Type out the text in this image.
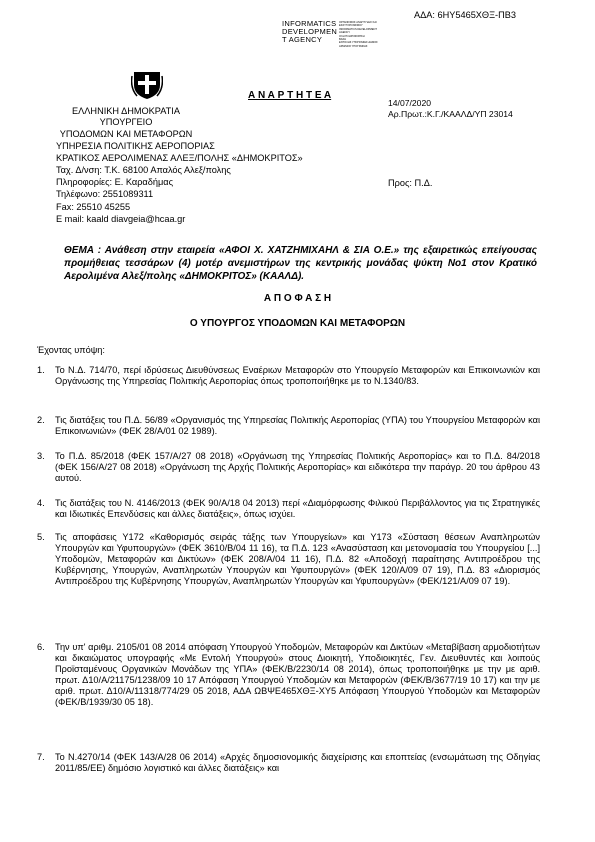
ΑΔΑ: 6ΗΥ5465ΧΘΞ-ΠΒ3
INFORMATICS
DEVELOPMEN
T AGENCY
ΟΡΓΑΝΙΣΜΟΣ ΑΝΑΠΤΥΞΗΣ ΚΑΙ
ΕΚΣΥΓΧΡΟΝΙΣΜΟΥ
INFORMATICS DEVELOPMENT AGENCY
ΟΛΗ ΠΛΗΡΟΦΟΡΙΚΗ
ΒΑΣΗ
ΕΝΤΟΛΗΣ ΥΠΟΓΡΑΦΗΣ ΔΗΜΟΣ
ΑΡΙΘΜΟΣ ΥΠΟΓΡΑΦΗΣ
Α Ν Α Ρ Τ Η Τ Ε Α
14/07/2020
Αρ.Πρωτ.:Κ.Γ./ΚΑΑΛΔ/ΥΠ 23014
ΕΛΛΗΝΙΚΗ ΔΗΜΟΚΡΑΤΙΑ
ΥΠΟΥΡΓΕΙΟ
ΥΠΟΔΟΜΩΝ ΚΑΙ ΜΕΤΑΦΟΡΩΝ
ΥΠΗΡΕΣΙΑ ΠΟΛΙΤΙΚΗΣ ΑΕΡΟΠΟΡΙΑΣ
ΚΡΑΤΙΚΟΣ ΑΕΡΟΛΙΜΕΝΑΣ ΑΛΕΞ/ΠΟΛΗΣ «ΔΗΜΟΚΡΙΤΟΣ»
Ταχ. Δ/νση: Τ.Κ. 68100 Απαλός Αλεξ/πολης
Πληροφορίες: Ε. Καραδήμας
Τηλέφωνο: 2551089311
Fax: 25510 45255
E mail: kaald diavgeia@hcaa.gr
Προς: Π.Δ.
ΘΕΜΑ : Ανάθεση στην εταιρεία «ΑΦΟΙ Χ. ΧΑΤΖΗΜΙΧΑΗΛ & ΣΙΑ Ο.Ε.» της εξαιρετικώς επείγουσας προμήθειας τεσσάρων (4) μοτέρ ανεμιστήρων της κεντρικής μονάδας ψύκτη Νο1 στον Κρατικό Αερολιμένα Αλεξ/πολης «ΔΗΜΟΚΡΙΤΟΣ» (ΚΑΑΛΔ).
Α Π Ο Φ Α Σ Η
Ο ΥΠΟΥΡΓΟΣ ΥΠΟΔΟΜΩΝ ΚΑΙ ΜΕΤΑΦΟΡΩΝ
Έχοντας υπόψη:
1. Το Ν.Δ. 714/70, περί ιδρύσεως Διευθύνσεως Εναέριων Μεταφορών στο Υπουργείο Μεταφορών και Επικοινωνιών και Οργάνωσης της Υπηρεσίας Πολιτικής Αεροπορίας όπως τροποποιήθηκε με το Ν.1340/83.
2. Τις διατάξεις του Π.Δ. 56/89 «Οργανισμός της Υπηρεσίας Πολιτικής Αεροπορίας (ΥΠΑ) του Υπουργείου Μεταφορών και Επικοινωνιών» (ΦΕΚ 28/Α/01 02 1989).
3. Το Π.Δ. 85/2018 (ΦΕΚ 157/Α/27 08 2018) «Οργάνωση της Υπηρεσίας Πολιτικής Αεροπορίας» και το Π.Δ. 84/2018 (ΦΕΚ 156/Α/27 08 2018) «Οργάνωση της Αρχής Πολιτικής Αεροπορίας» και ειδικότερα την παράγρ. 20 του άρθρου 43 αυτού.
4. Τις διατάξεις του Ν. 4146/2013 (ΦΕΚ 90/Α/18 04 2013) περί «Διαμόρφωσης Φιλικού Περιβάλλοντος για τις Στρατηγικές και Ιδιωτικές Επενδύσεις και άλλες διατάξεις», όπως ισχύει.
5. Τις αποφάσεις Υ172 «Καθορισμός σειράς τάξης των Υπουργείων» και Υ173 «Σύσταση θέσεων Αναπληρωτών Υπουργών και Υφυπουργών» (ΦΕΚ 3610/Β/04 11 16), τα Π.Δ. 123 «Ανασύσταση και μετονομασία του Υπουργείου [...] Υποδομών, Μεταφορών και Δικτύων» (ΦΕΚ 208/Α/04 11 16), Π.Δ. 82 «Αποδοχή παραίτησης Αντιπροέδρου της Κυβέρνησης, Υπουργών, Αναπληρωτών Υπουργών και Υφυπουργών» (ΦΕΚ 120/Α/09 07 19), Π.Δ. 83 «Διορισμός Αντιπροέδρου της Κυβέρνησης Υπουργών, Αναπληρωτών Υπουργών και Υφυπουργών» (ΦΕΚ/121/Α/09 07 19).
6. Την υπ' αριθμ. 2105/01 08 2014 απόφαση Υπουργού Υποδομών, Μεταφορών και Δικτύων «Μεταβίβαση αρμοδιοτήτων και δικαιώματος υπογραφής «Με Εντολή Υπουργού» στους Διοικητή, Υποδιοικητές, Γεν. Διευθυντές και λοιπούς Προϊσταμένους Οργανικών Μονάδων της ΥΠΑ» (ΦΕΚ/Β/2230/14 08 2014), όπως τροποποιήθηκε με την με αριθ. πρωτ. Δ10/Α/21175/1238/09 10 17 Απόφαση Υπουργού Υποδομών και Μεταφορών (ΦΕΚ/Β/3677/19 10 17) και την με αριθ. πρωτ. Δ10/Α/11318/774/29 05 2018, ΑΔΑ ΩΒΨΕ465ΧΘΞ-ΧΥ5 Απόφαση Υπουργού Υποδομών και Μεταφορών (ΦΕΚ/Β/1939/30 05 18).
7. Το Ν.4270/14 (ΦΕΚ 143/Α/28 06 2014) «Αρχές δημοσιονομικής διαχείρισης και εποπτείας (ενσωμάτωση της Οδηγίας 2011/85/ΕΕ) δημόσιο λογιστικό και άλλες διατάξεις» και
